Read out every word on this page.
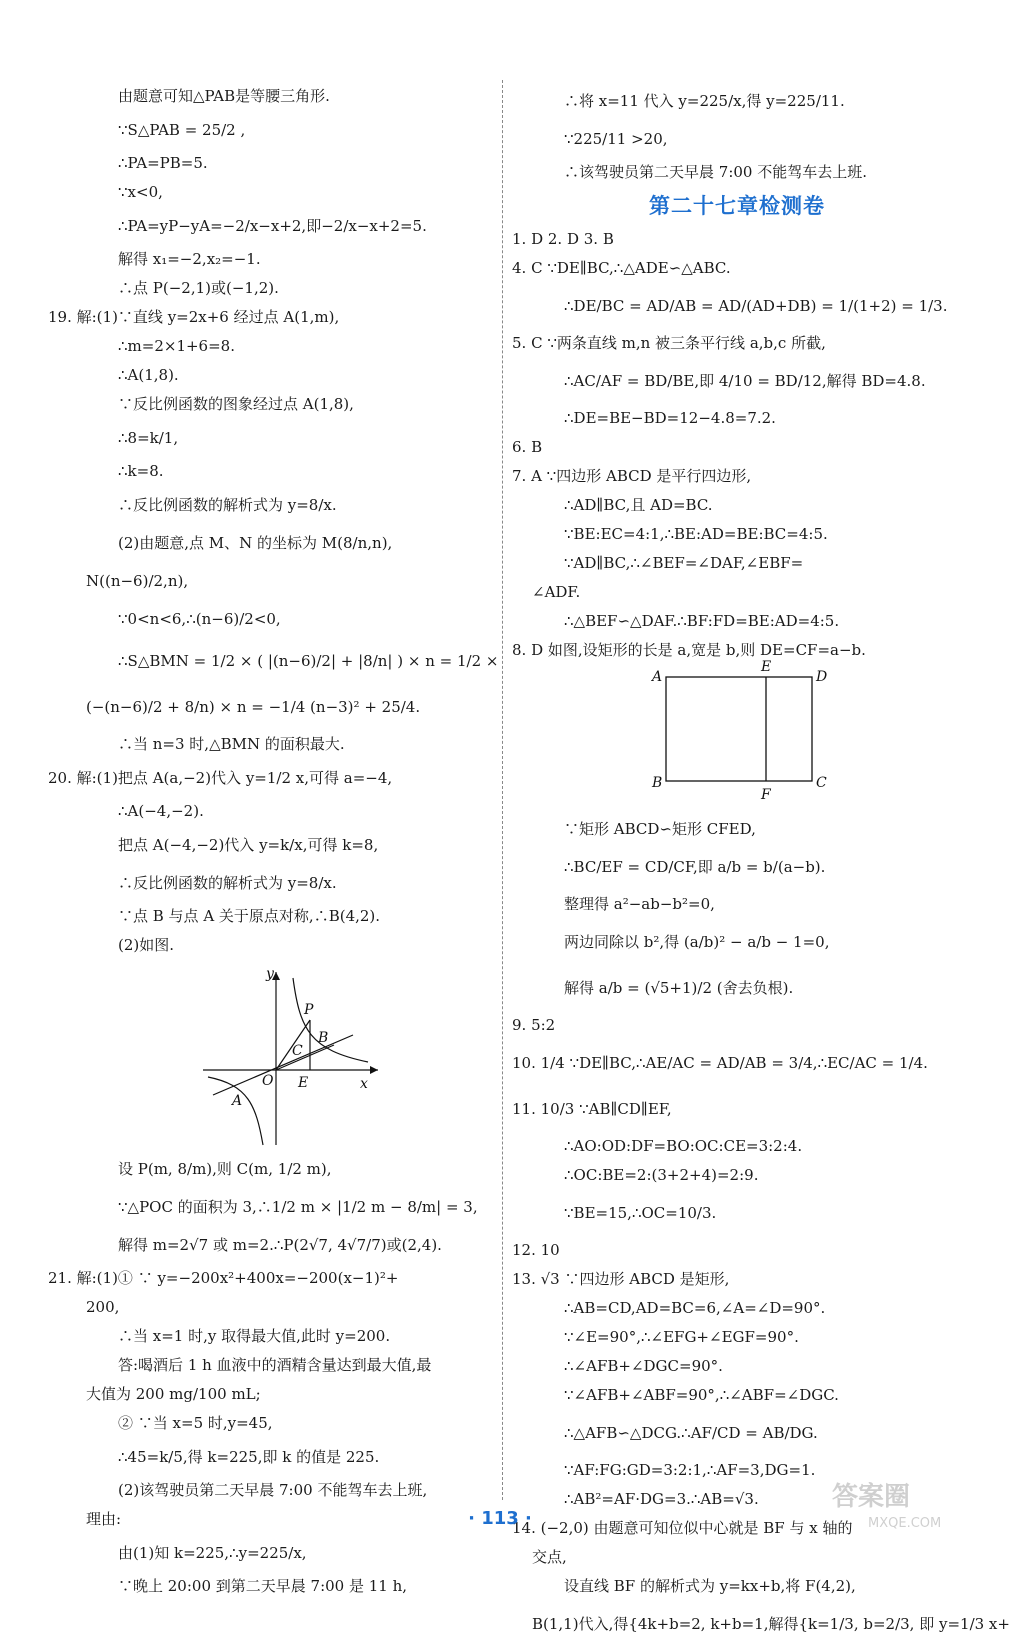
由题意可知△PAB是等腰三角形.
∵S△PAB = 25/2 ,
∴PA=PB=5.
∵x<0,
∴PA=yP−yA=−2/x−x+2,即−2/x−x+2=5.
解得 x₁=−2,x₂=−1.
∴点 P(−2,1)或(−1,2).
19. 解:(1)∵直线 y=2x+6 经过点 A(1,m),
∴m=2×1+6=8.
∴A(1,8).
∵反比例函数的图象经过点 A(1,8),
∴8=k/1,
∴k=8.
∴反比例函数的解析式为 y=8/x.
(2)由题意,点 M、N 的坐标为 M(8/n,n),
N((n−6)/2,n),
∵0<n<6,∴(n−6)/2<0,
∴S△BMN = 1/2 × ( |(n−6)/2| + |8/n| ) × n = 1/2 ×
(−(n−6)/2 + 8/n) × n = −1/4 (n−3)² + 25/4.
∴当 n=3 时,△BMN 的面积最大.
20. 解:(1)把点 A(a,−2)代入 y=1/2 x,可得 a=−4,
∴A(−4,−2).
把点 A(−4,−2)代入 y=k/x,可得 k=8,
∴反比例函数的解析式为 y=8/x.
∵点 B 与点 A 关于原点对称,∴B(4,2).
(2)如图.
y
x
O E
P
B
C
A
设 P(m, 8/m),则 C(m, 1/2 m),
∵△POC 的面积为 3,∴1/2 m × |1/2 m − 8/m| = 3,
解得 m=2√7 或 m=2.∴P(2√7, 4√7/7)或(2,4).
21. 解:(1)① ∵ y=−200x²+400x=−200(x−1)²+
200,
∴当 x=1 时,y 取得最大值,此时 y=200.
答:喝酒后 1 h 血液中的酒精含量达到最大值,最
大值为 200 mg/100 mL;
② ∵当 x=5 时,y=45,
∴45=k/5,得 k=225,即 k 的值是 225.
(2)该驾驶员第二天早晨 7:00 不能驾车去上班,
理由:
由(1)知 k=225,∴y=225/x,
∵晚上 20:00 到第二天早晨 7:00 是 11 h,
∴将 x=11 代入 y=225/x,得 y=225/11.
∵225/11 >20,
∴该驾驶员第二天早晨 7:00 不能驾车去上班.
第二十七章检测卷
1. D 2. D 3. B
4. C ∵DE∥BC,∴△ADE∽△ABC.
∴DE/BC = AD/AB = AD/(AD+DB) = 1/(1+2) = 1/3.
5. C ∵两条直线 m,n 被三条平行线 a,b,c 所截,
∴AC/AF = BD/BE,即 4/10 = BD/12,解得 BD=4.8.
∴DE=BE−BD=12−4.8=7.2.
6. B
7. A ∵四边形 ABCD 是平行四边形,
∴AD∥BC,且 AD=BC.
∵BE:EC=4:1,∴BE:AD=BE:BC=4:5.
∵AD∥BC,∴∠BEF=∠DAF,∠EBF=
∠ADF.
∴△BEF∽△DAF.∴BF:FD=BE:AD=4:5.
8. D 如图,设矩形的长是 a,宽是 b,则 DE=CF=a−b.
A
E
D
B
F
C
∵矩形 ABCD∽矩形 CFED,
∴BC/EF = CD/CF,即 a/b = b/(a−b).
整理得 a²−ab−b²=0,
两边同除以 b²,得 (a/b)² − a/b − 1=0,
解得 a/b = (√5+1)/2 (舍去负根).
9. 5:2
10. 1/4 ∵DE∥BC,∴AE/AC = AD/AB = 3/4,∴EC/AC = 1/4.
11. 10/3 ∵AB∥CD∥EF,
∴AO:OD:DF=BO:OC:CE=3:2:4.
∴OC:BE=2:(3+2+4)=2:9.
∵BE=15,∴OC=10/3.
12. 10
13. √3 ∵四边形 ABCD 是矩形,
∴AB=CD,AD=BC=6,∠A=∠D=90°.
∵∠E=90°,∴∠EFG+∠EGF=90°.
∴∠AFB+∠DGC=90°.
∵∠AFB+∠ABF=90°,∴∠ABF=∠DGC.
∴△AFB∽△DCG.∴AF/CD = AB/DG.
∵AF:FG:GD=3:2:1,∴AF=3,DG=1.
∴AB²=AF·DG=3.∴AB=√3.
14. (−2,0) 由题意可知位似中心就是 BF 与 x 轴的
交点,
设直线 BF 的解析式为 y=kx+b,将 F(4,2),
B(1,1)代入,得{4k+b=2, k+b=1,解得{k=1/3, b=2/3, 即 y=1/3 x+
· 113 ·
答案圈
MXQE.COM
